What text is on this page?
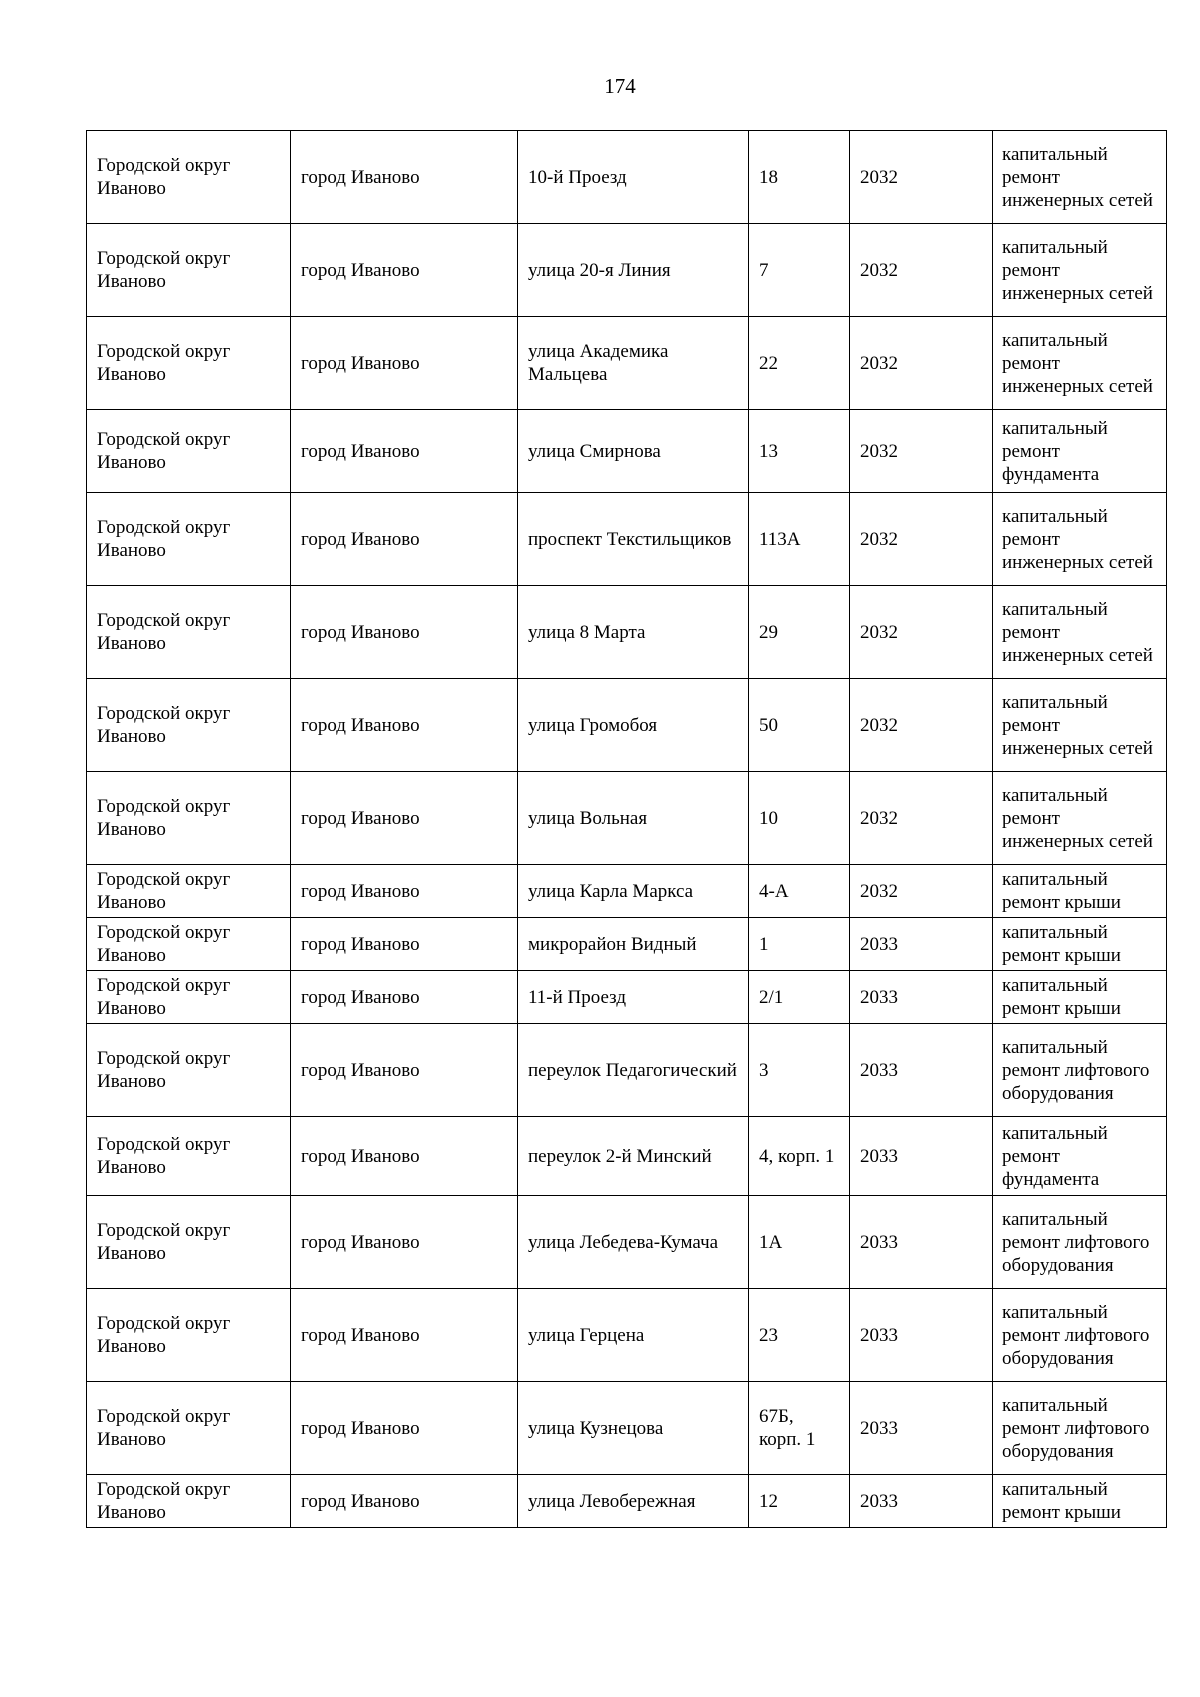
174
Городской округ Иваново	город Иваново	10-й Проезд	18	2032	капитальный ремонт инженерных сетей
Городской округ Иваново	город Иваново	улица 20-я Линия	7	2032	капитальный ремонт инженерных сетей
Городской округ Иваново	город Иваново	улица Академика Мальцева	22	2032	капитальный ремонт инженерных сетей
Городской округ Иваново	город Иваново	улица Смирнова	13	2032	капитальный ремонт фундамента
Городской округ Иваново	город Иваново	проспект Текстильщиков	113А	2032	капитальный ремонт инженерных сетей
Городской округ Иваново	город Иваново	улица 8 Марта	29	2032	капитальный ремонт инженерных сетей
Городской округ Иваново	город Иваново	улица Громобоя	50	2032	капитальный ремонт инженерных сетей
Городской округ Иваново	город Иваново	улица Вольная	10	2032	капитальный ремонт инженерных сетей
Городской округ Иваново	город Иваново	улица Карла Маркса	4-А	2032	капитальный ремонт крыши
Городской округ Иваново	город Иваново	микрорайон Видный	1	2033	капитальный ремонт крыши
Городской округ Иваново	город Иваново	11-й Проезд	2/1	2033	капитальный ремонт крыши
Городской округ Иваново	город Иваново	переулок Педагогический	3	2033	капитальный ремонт лифтового оборудования
Городской округ Иваново	город Иваново	переулок 2-й Минский	4, корп. 1	2033	капитальный ремонт фундамента
Городской округ Иваново	город Иваново	улица Лебедева-Кумача	1А	2033	капитальный ремонт лифтового оборудования
Городской округ Иваново	город Иваново	улица Герцена	23	2033	капитальный ремонт лифтового оборудования
Городской округ Иваново	город Иваново	улица Кузнецова	67Б, корп. 1	2033	капитальный ремонт лифтового оборудования
Городской округ Иваново	город Иваново	улица Левобережная	12	2033	капитальный ремонт крыши
